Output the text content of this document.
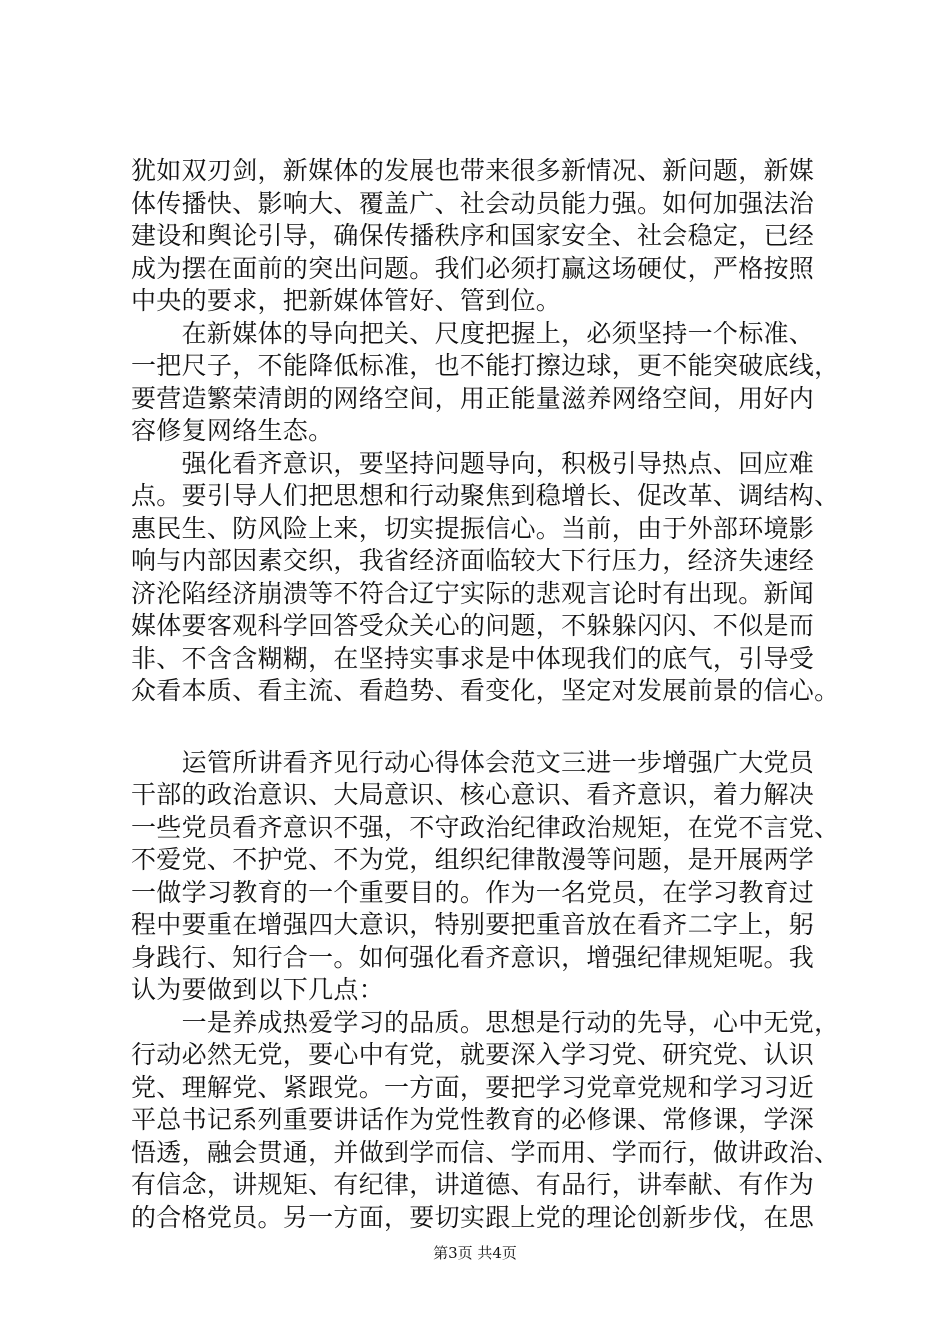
犹如双刃剑，新媒体的发展也带来很多新情况、新问题，新媒
体传播快、影响大、覆盖广、社会动员能力强。如何加强法治
建设和舆论引导，确保传播秩序和国家安全、社会稳定，已经
成为摆在面前的突出问题。我们必须打赢这场硬仗，严格按照
中央的要求，把新媒体管好、管到位。
　　在新媒体的导向把关、尺度把握上，必须坚持一个标准、
一把尺子，不能降低标准，也不能打擦边球，更不能突破底线，
要营造繁荣清朗的网络空间，用正能量滋养网络空间，用好内
容修复网络生态。
　　强化看齐意识，要坚持问题导向，积极引导热点、回应难
点。要引导人们把思想和行动聚焦到稳增长、促改革、调结构、
惠民生、防风险上来，切实提振信心。当前，由于外部环境影
响与内部因素交织，我省经济面临较大下行压力，经济失速经
济沦陷经济崩溃等不符合辽宁实际的悲观言论时有出现。新闻
媒体要客观科学回答受众关心的问题，不躲躲闪闪、不似是而
非、不含含糊糊，在坚持实事求是中体现我们的底气，引导受
众看本质、看主流、看趋势、看变化，坚定对发展前景的信心。
　　运管所讲看齐见行动心得体会范文三进一步增强广大党员
干部的政治意识、大局意识、核心意识、看齐意识，着力解决
一些党员看齐意识不强，不守政治纪律政治规矩，在党不言党、
不爱党、不护党、不为党，组织纪律散漫等问题，是开展两学
一做学习教育的一个重要目的。作为一名党员，在学习教育过
程中要重在增强四大意识，特别要把重音放在看齐二字上，躬
身践行、知行合一。如何强化看齐意识，增强纪律规矩呢。我
认为要做到以下几点：
　　一是养成热爱学习的品质。思想是行动的先导，心中无党，
行动必然无党，要心中有党，就要深入学习党、研究党、认识
党、理解党、紧跟党。一方面，要把学习党章党规和学习习近
平总书记系列重要讲话作为党性教育的必修课、常修课，学深
悟透，融会贯通，并做到学而信、学而用、学而行，做讲政治、
有信念，讲规矩、有纪律，讲道德、有品行，讲奉献、有作为
的合格党员。另一方面，要切实跟上党的理论创新步伐，在思
第3页 共4页
